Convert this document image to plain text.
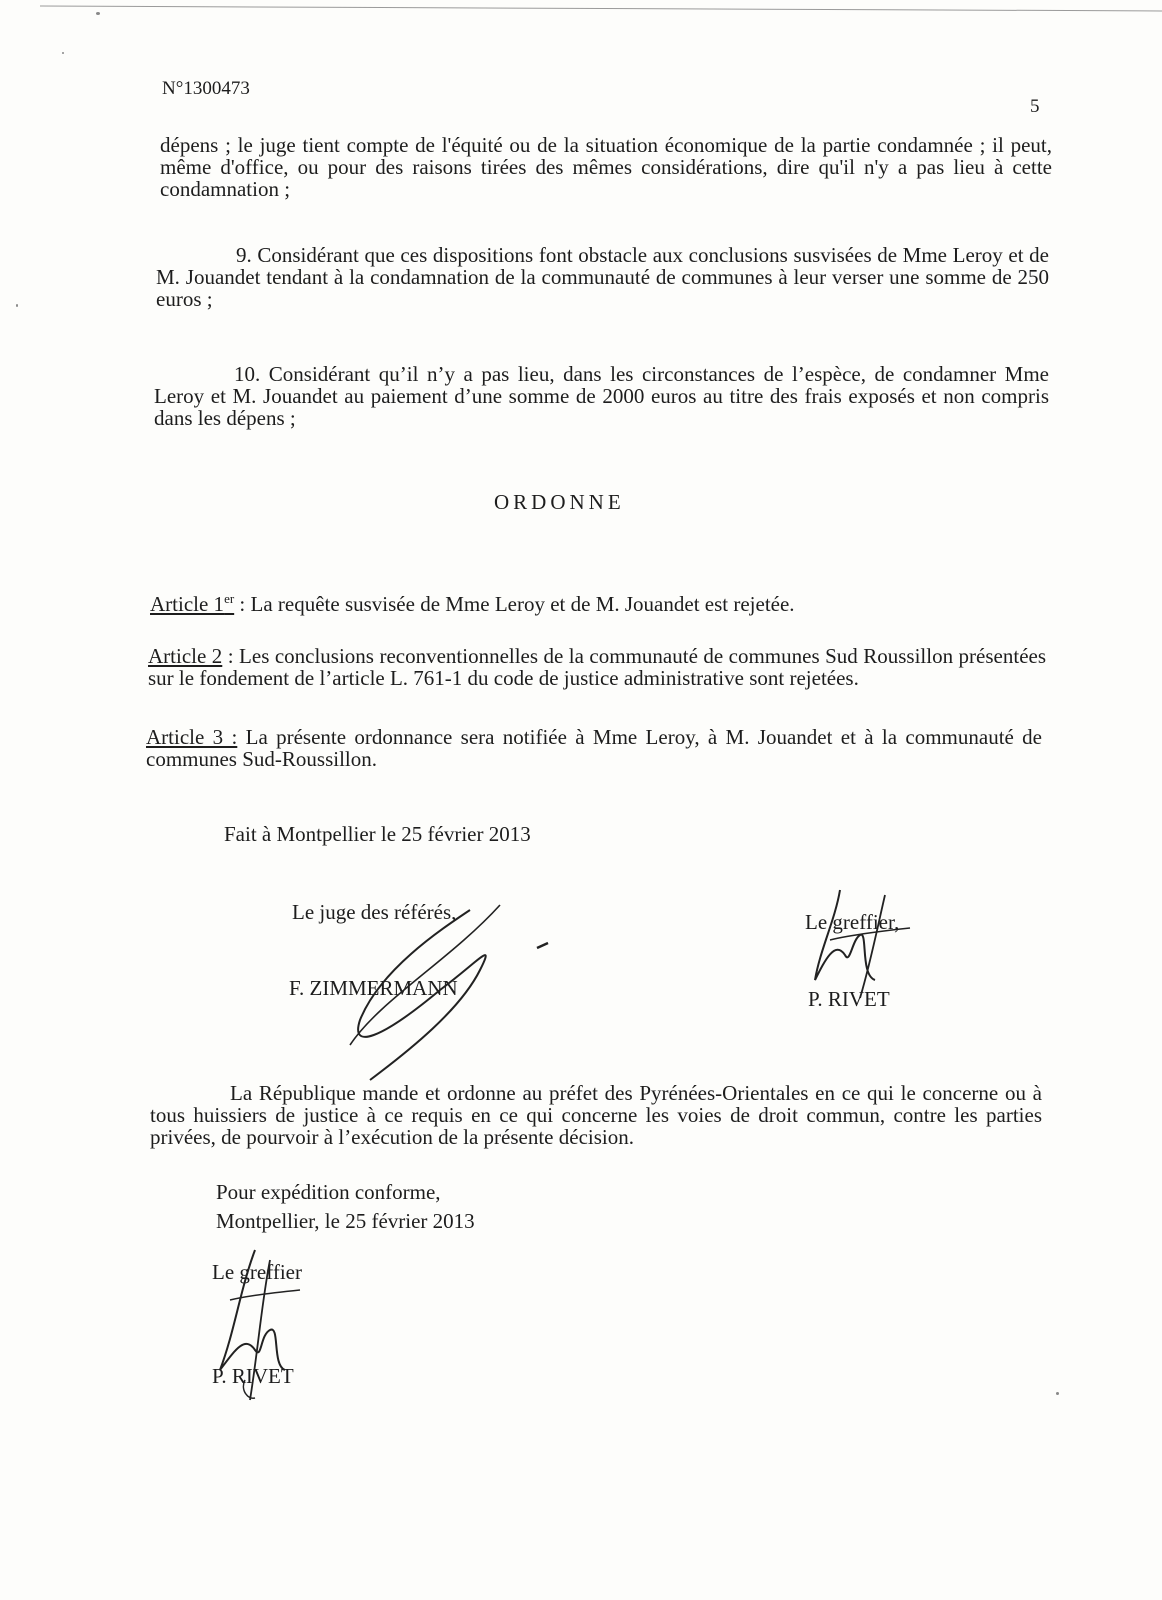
N°1300473
5
dépens ; le juge tient compte de l'équité ou de la situation économique de la partie condamnée ; il peut, même d'office, ou pour des raisons tirées des mêmes considérations, dire qu'il n'y a pas lieu à cette condamnation ;
9. Considérant que ces dispositions font obstacle aux conclusions susvisées de Mme Leroy et de M. Jouandet tendant à la condamnation de la communauté de communes à leur verser une somme de 250 euros ;
10. Considérant qu’il n’y a pas lieu, dans les circonstances de l’espèce, de condamner Mme Leroy et M. Jouandet au paiement d’une somme de 2000 euros au titre des frais exposés et non compris dans les dépens ;
ORDONNE
Article 1er : La requête susvisée de Mme Leroy et de M. Jouandet est rejetée.
Article 2 : Les conclusions reconventionnelles de la communauté de communes Sud Roussillon présentées sur le fondement de l’article L. 761-1 du code de justice administrative sont rejetées.
Article 3 : La présente ordonnance sera notifiée à Mme Leroy, à M. Jouandet et à la communauté de communes Sud-Roussillon.
Fait à Montpellier le 25 février 2013
Le juge des référés,
F. ZIMMERMANN
Le greffier,
P. RIVET
La République mande et ordonne au préfet des Pyrénées-Orientales en ce qui le concerne ou à tous huissiers de justice à ce requis en ce qui concerne les voies de droit commun, contre les parties privées, de pourvoir à l’exécution de la présente décision.
Pour expédition conforme,
Montpellier, le 25 février 2013
Le greffier
P. RIVET
